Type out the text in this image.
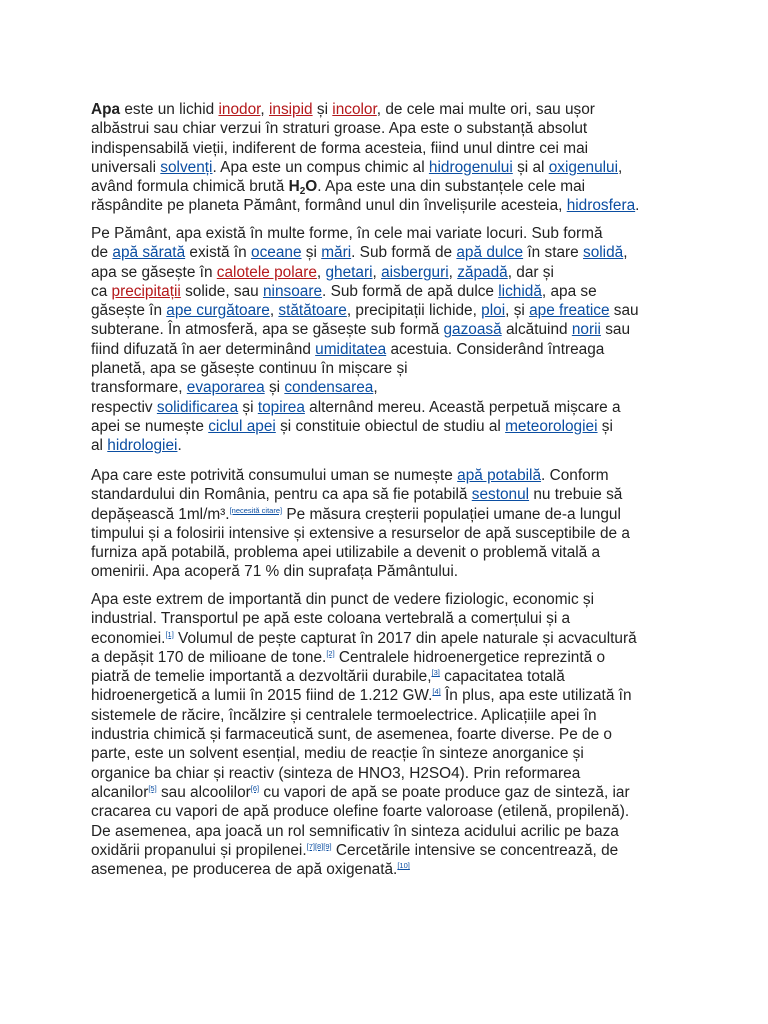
Apa este un lichid inodor, insipid și incolor, de cele mai multe ori, sau ușor
albăstrui sau chiar verzui în straturi groase. Apa este o substanță absolut
indispensabilă vieții, indiferent de forma acesteia, fiind unul dintre cei mai
universali solvenți. Apa este un compus chimic al hidrogenului și al oxigenului,
având formula chimică brută $H_2O$. Apa este una din substanțele cele mai
răspândite pe planeta Pământ, formând unul din învelișurile acesteia, hidrosfera.

Pe Pământ, apa există în multe forme, în cele mai variate locuri. Sub formă
de apă sărată există în oceane și mări. Sub formă de apă dulce în stare solidă,
apa se găsește în calotele polare, ghetari, aisberguri, zăpadă, dar și
ca precipitații solide, sau ninsoare. Sub formă de apă dulce lichidă, apa se
găsește în ape curgătoare, stătătoare, precipitații lichide, ploi, și ape freatice sau
subterane. În atmosferă, apa se găsește sub formă gazoasă alcătuind norii sau
fiind difuzată în aer determinând umiditatea acestuia. Considerând întreaga
planetă, apa se găsește continuu în mișcare și
transformare, evaporarea și condensarea,
respectiv solidificarea și topirea alternând mereu. Această perpetuă mișcare a
apei se numește ciclul apei și constituie obiectul de studiu al meteorologiei și
al hidrologiei.

Apa care este potrivită consumului uman se numește apă potabilă. Conform
standardului din România, pentru ca apa să fie potabilă sestonul nu trebuie să
depășească 1ml/m³.[necesită citare] Pe măsura creșterii populației umane de-a lungul
timpului și a folosirii intensive și extensive a resurselor de apă susceptibile de a
furniza apă potabilă, problema apei utilizabile a devenit o problemă vitală a
omenirii. Apa acoperă 71 % din suprafața Pământului.

Apa este extrem de importantă din punct de vedere fiziologic, economic și
industrial. Transportul pe apă este coloana vertebrală a comerțului și a
economiei.[1] Volumul de pește capturat în 2017 din apele naturale și acvacultură
a depășit 170 de milioane de tone.[2] Centralele hidroenergetice reprezintă o
piatră de temelie importantă a dezvoltării durabile,[3] capacitatea totală
hidroenergetică a lumii în 2015 fiind de 1.212 GW.[4] În plus, apa este utilizată în
sistemele de răcire, încălzire și centralele termoelectrice. Aplicațiile apei în
industria chimică și farmaceutică sunt, de asemenea, foarte diverse. Pe de o
parte, este un solvent esențial, mediu de reacție în sinteze anorganice și
organice ba chiar și reactiv (sinteza de HNO3, H2SO4). Prin reformarea
alcanilor[5] sau alcoolilor[6] cu vapori de apă se poate produce gaz de sinteză, iar
cracarea cu vapori de apă produce olefine foarte valoroase (etilenă, propilenă).
De asemenea, apa joacă un rol semnificativ în sinteza acidului acrilic pe baza
oxidării propanului și propilenei.[7][8][9] Cercetările intensive se concentrează, de
asemenea, pe producerea de apă oxigenată.[10]
